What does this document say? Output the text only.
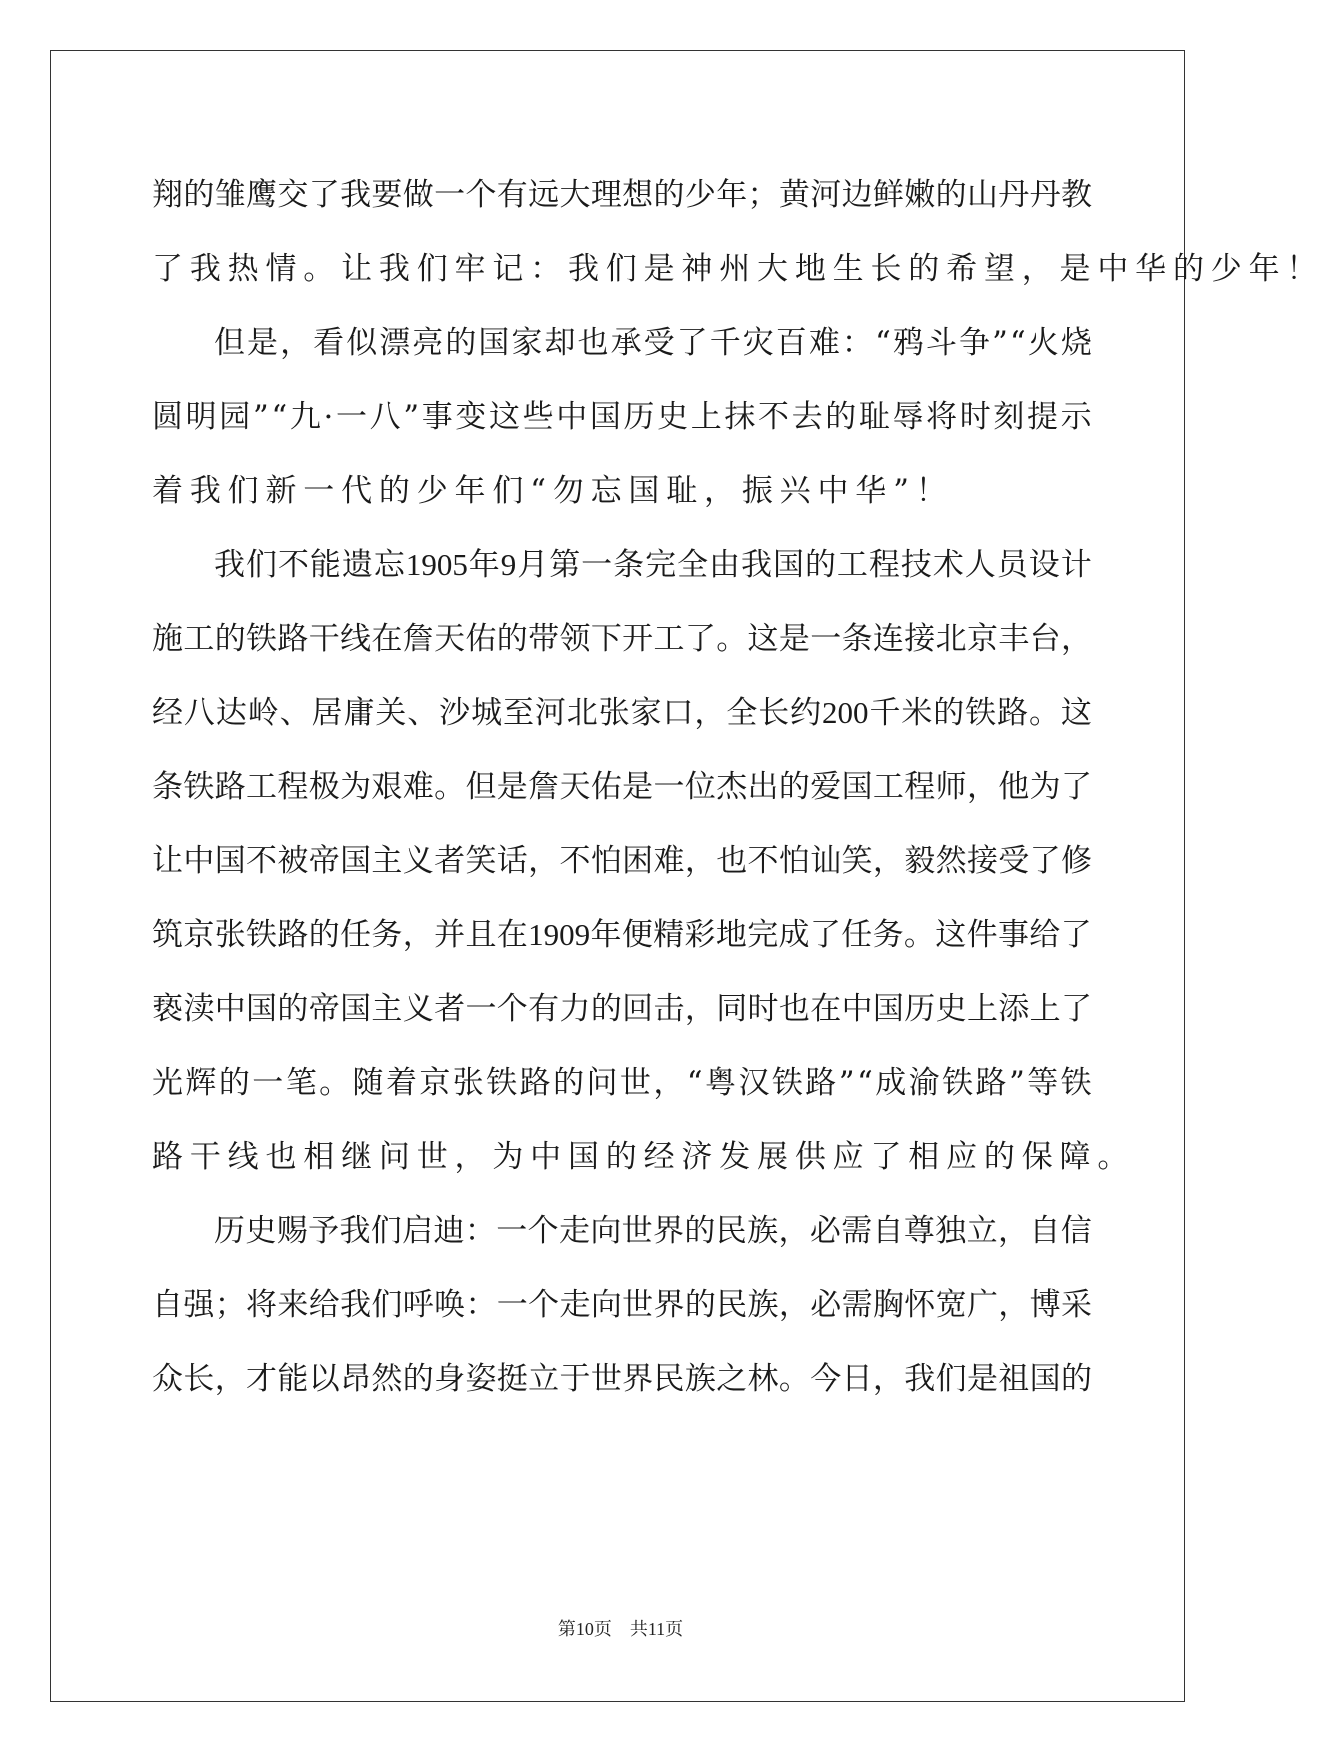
翔 的 雏 鹰 交 了 我 要 做 一 个 有 远 大 理 想 的 少 年 ； 黄 河 边 鲜 嫩 的 山 丹 丹 教
了 我 热 情 。 让 我 们 牢 记 ： 我 们 是 神 州 大 地 生 长 的 希 望 ， 是 中 华 的 少 年 ！
但 是 ， 看 似 漂 亮 的 国 家 却 也 承 受 了 千 灾 百 难 ： “ 鸦 斗 争 ” “ 火 烧
圆 明 园 ” “ 九 · 一 八 ” 事 变 这 些 中 国 历 史 上 抹 不 去 的 耻 辱 将 时 刻 提 示
着 我 们 新 一 代 的 少 年 们 “ 勿 忘 国 耻 ， 振 兴 中 华 ” ！
我 们 不 能 遗 忘 1905 年 9 月 第 一 条 完 全 由 我 国 的 工 程 技 术 人 员 设 计
施 工 的 铁 路 干 线 在 詹 天 佑 的 带 领 下 开 工 了 。 这 是 一 条 连 接 北 京 丰 台 ，
经 八 达 岭 、 居 庸 关 、 沙 城 至 河 北 张 家 口 ， 全 长 约 200 千 米 的 铁 路 。 这
条 铁 路 工 程 极 为 艰 难 。 但 是 詹 天 佑 是 一 位 杰 出 的 爱 国 工 程 师 ， 他 为 了
让 中 国 不 被 帝 国 主 义 者 笑 话 ， 不 怕 困 难 ， 也 不 怕 讪 笑 ， 毅 然 接 受 了 修
筑 京 张 铁 路 的 任 务 ， 并 且 在 1909 年 便 精 彩 地 完 成 了 任 务 。 这 件 事 给 了
亵 渎 中 国 的 帝 国 主 义 者 一 个 有 力 的 回 击 ， 同 时 也 在 中 国 历 史 上 添 上 了
光 辉 的 一 笔 。 随 着 京 张 铁 路 的 问 世 ， “ 粤 汉 铁 路 ” “ 成 渝 铁 路 ” 等 铁
路 干 线 也 相 继 问 世 ， 为 中 国 的 经 济 发 展 供 应 了 相 应 的 保 障 。
历 史 赐 予 我 们 启 迪 ： 一 个 走 向 世 界 的 民 族 ， 必 需 自 尊 独 立 ， 自 信
自 强 ； 将 来 给 我 们 呼 唤 ： 一 个 走 向 世 界 的 民 族 ， 必 需 胸 怀 宽 广 ， 博 采
众 长 ， 才 能 以 昂 然 的 身 姿 挺 立 于 世 界 民 族 之 林 。 今 日 ， 我 们 是 祖 国 的
第10页　共11页
